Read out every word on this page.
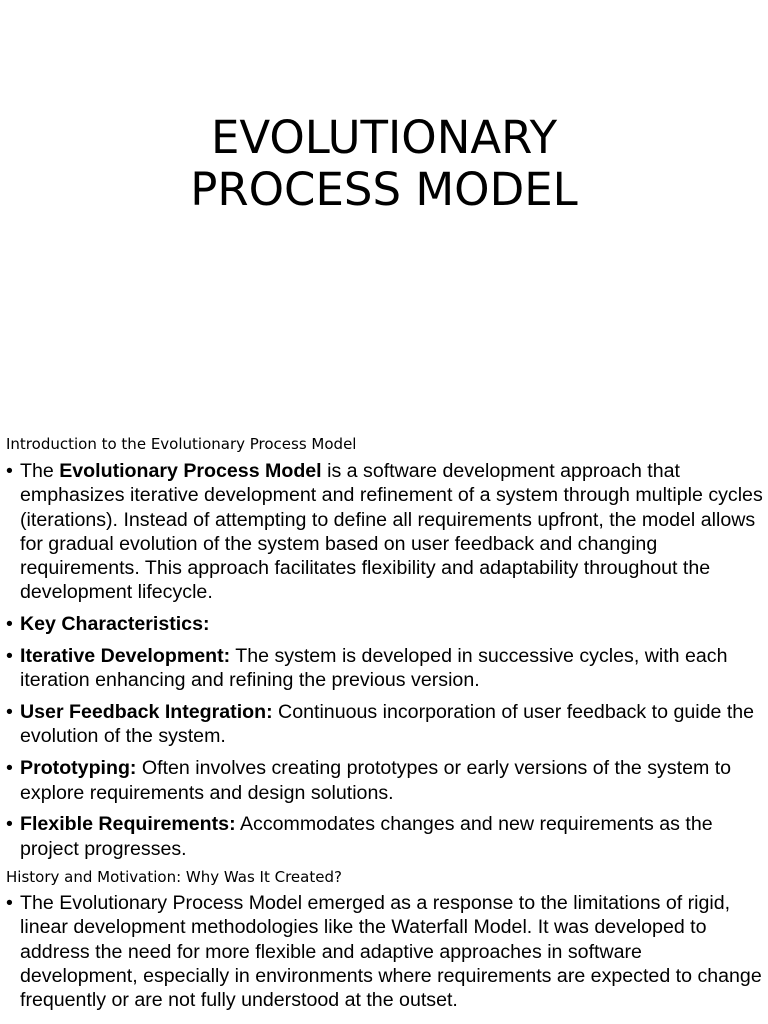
EVOLUTIONARY
PROCESS MODEL

Introduction to the Evolutionary Process Model

• The Evolutionary Process Model is a software development approach that emphasizes iterative development and refinement of a system through multiple cycles (iterations). Instead of attempting to define all requirements upfront, the model allows for gradual evolution of the system based on user feedback and changing requirements. This approach facilitates flexibility and adaptability throughout the development lifecycle.
• Key Characteristics:
• Iterative Development: The system is developed in successive cycles, with each iteration enhancing and refining the previous version.
• User Feedback Integration: Continuous incorporation of user feedback to guide the evolution of the system.
• Prototyping: Often involves creating prototypes or early versions of the system to explore requirements and design solutions.
• Flexible Requirements: Accommodates changes and new requirements as the project progresses.

History and Motivation: Why Was It Created?

• The Evolutionary Process Model emerged as a response to the limitations of rigid, linear development methodologies like the Waterfall Model. It was developed to address the need for more flexible and adaptive approaches in software development, especially in environments where requirements are expected to change frequently or are not fully understood at the outset.
